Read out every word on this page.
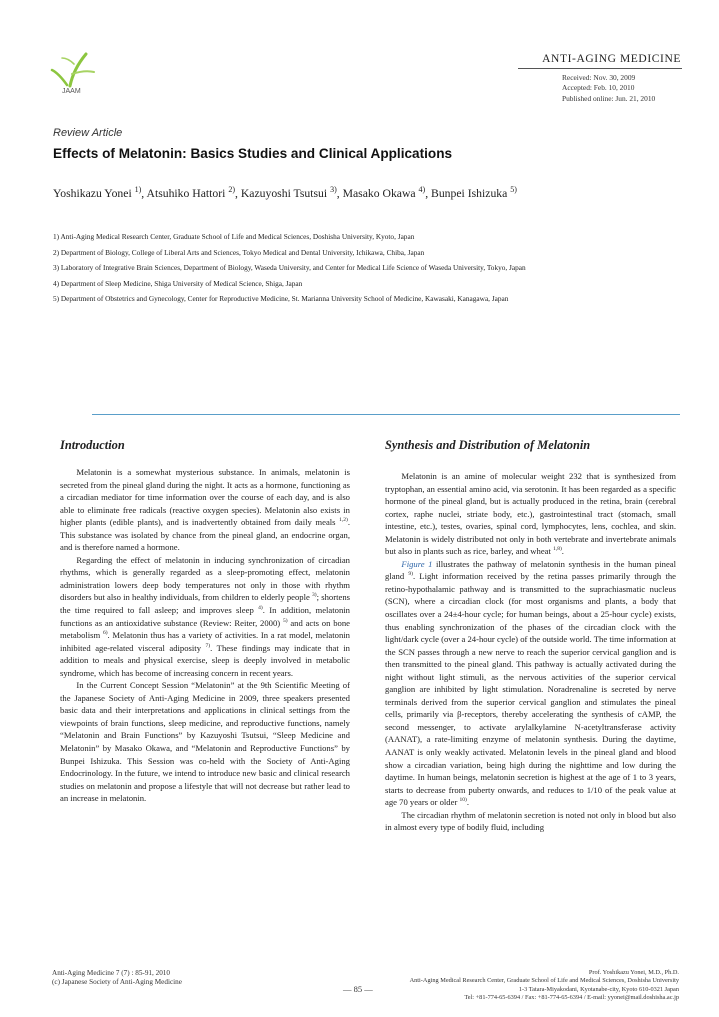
JAAM
ANTI-AGING MEDICINE
Received: Nov. 30, 2009
Accepted: Feb. 10, 2010
Published online: Jun. 21, 2010
Review Article
Effects of Melatonin: Basics Studies and Clinical Applications
Yoshikazu Yonei $^{1)}$, Atsuhiko Hattori $^{2)}$, Kazuyoshi Tsutsui $^{3)}$, Masako Okawa $^{4)}$, Bunpei Ishizuka $^{5)}$
1) Anti-Aging Medical Research Center, Graduate School of Life and Medical Sciences, Doshisha University, Kyoto, Japan
2) Department of Biology, College of Liberal Arts and Sciences, Tokyo Medical and Dental University, Ichikawa, Chiba, Japan
3) Laboratory of Integrative Brain Sciences, Department of Biology, Waseda University, and Center for Medical Life Science of Waseda University, Tokyo, Japan
4) Department of Sleep Medicine, Shiga University of Medical Science, Shiga, Japan
5) Department of Obstetrics and Gynecology, Center for Reproductive Medicine, St. Marianna University School of Medicine, Kawasaki, Kanagawa, Japan
Introduction

Melatonin is a somewhat mysterious substance. In animals, melatonin is secreted from the pineal gland during the night. It acts as a hormone, functioning as a circadian mediator for time information over the course of each day, and is also able to eliminate free radicals (reactive oxygen species). Melatonin also exists in higher plants (edible plants), and is inadvertently obtained from daily meals $^{1,2)}$. This substance was isolated by chance from the pineal gland, an endocrine organ, and is therefore named a hormone.

Regarding the effect of melatonin in inducing synchronization of circadian rhythms, which is generally regarded as a sleep-promoting effect, melatonin administration lowers deep body temperatures not only in those with rhythm disorders but also in healthy individuals, from children to elderly people $^{3)}$; shortens the time required to fall asleep; and improves sleep $^{4)}$. In addition, melatonin functions as an antioxidative substance (Review: Reiter, 2000) $^{5)}$ and acts on bone metabolism $^{6)}$. Melatonin thus has a variety of activities. In a rat model, melatonin inhibited age-related visceral adiposity $^{7)}$. These findings may indicate that in addition to meals and physical exercise, sleep is deeply involved in metabolic syndrome, which has become of increasing concern in recent years.

In the Current Concept Session “Melatonin” at the 9th Scientific Meeting of the Japanese Society of Anti-Aging Medicine in 2009, three speakers presented basic data and their interpretations and applications in clinical settings from the viewpoints of brain functions, sleep medicine, and reproductive functions, namely “Melatonin and Brain Functions” by Kazuyoshi Tsutsui, “Sleep Medicine and Melatonin” by Masako Okawa, and “Melatonin and Reproductive Functions” by Bunpei Ishizuka. This Session was co-held with the Society of Anti-Aging Endocrinology. In the future, we intend to introduce new basic and clinical research studies on melatonin and propose a lifestyle that will not decrease but rather lead to an increase in melatonin.

Synthesis and Distribution of Melatonin

Melatonin is an amine of molecular weight 232 that is synthesized from tryptophan, an essential amino acid, via serotonin. It has been regarded as a specific hormone of the pineal gland, but is actually produced in the retina, brain (cerebral cortex, raphe nuclei, striate body, etc.), gastrointestinal tract (stomach, small intestine, etc.), testes, ovaries, spinal cord, lymphocytes, lens, cochlea, and skin. Melatonin is widely distributed not only in both vertebrate and invertebrate animals but also in plants such as rice, barley, and wheat $^{1,8)}$.

Figure 1 illustrates the pathway of melatonin synthesis in the human pineal gland $^{9)}$. Light information received by the retina passes primarily through the retino-hypothalamic pathway and is transmitted to the suprachiasmatic nucleus (SCN), where a circadian clock (for most organisms and plants, a body that oscillates over a 24±4-hour cycle; for human beings, about a 25-hour cycle) exists, thus enabling synchronization of the phases of the circadian clock with the light/dark cycle (over a 24-hour cycle) of the outside world. The time information at the SCN passes through a new nerve to reach the superior cervical ganglion and is then transmitted to the pineal gland. This pathway is actually activated during the night without light stimuli, as the nervous activities of the superior cervical ganglion are inhibited by light stimulation. Noradrenaline is secreted by nerve terminals derived from the superior cervical ganglion and stimulates the pineal cells, primarily via β-receptors, thereby accelerating the synthesis of cAMP, the second messenger, to activate arylalkylamine N-acetyltransferase activity (AANAT), a rate-limiting enzyme of melatonin synthesis. During the daytime, AANAT is only weakly activated. Melatonin levels in the pineal gland and blood show a circadian variation, being high during the nighttime and low during the daytime. In human beings, melatonin secretion is highest at the age of 1 to 3 years, starts to decrease from puberty onwards, and reduces to 1/10 of the peak value at age 70 years or older $^{10)}$.

The circadian rhythm of melatonin secretion is noted not only in blood but also in almost every type of bodily fluid, including

Anti-Aging Medicine 7 (7) : 85-91, 2010
(c) Japanese Society of Anti-Aging Medicine
— 85 —
Prof. Yoshikazu Yonei, M.D., Ph.D.
Anti-Aging Medical Research Center, Graduate School of Life and Medical Sciences, Doshisha University
1-3 Tatara-Miyakodani, Kyotanabe-city, Kyoto 610-0321 Japan
Tel: +81-774-65-6394 / Fax: +81-774-65-6394 / E-mail: yyonei@mail.doshisha.ac.jp
